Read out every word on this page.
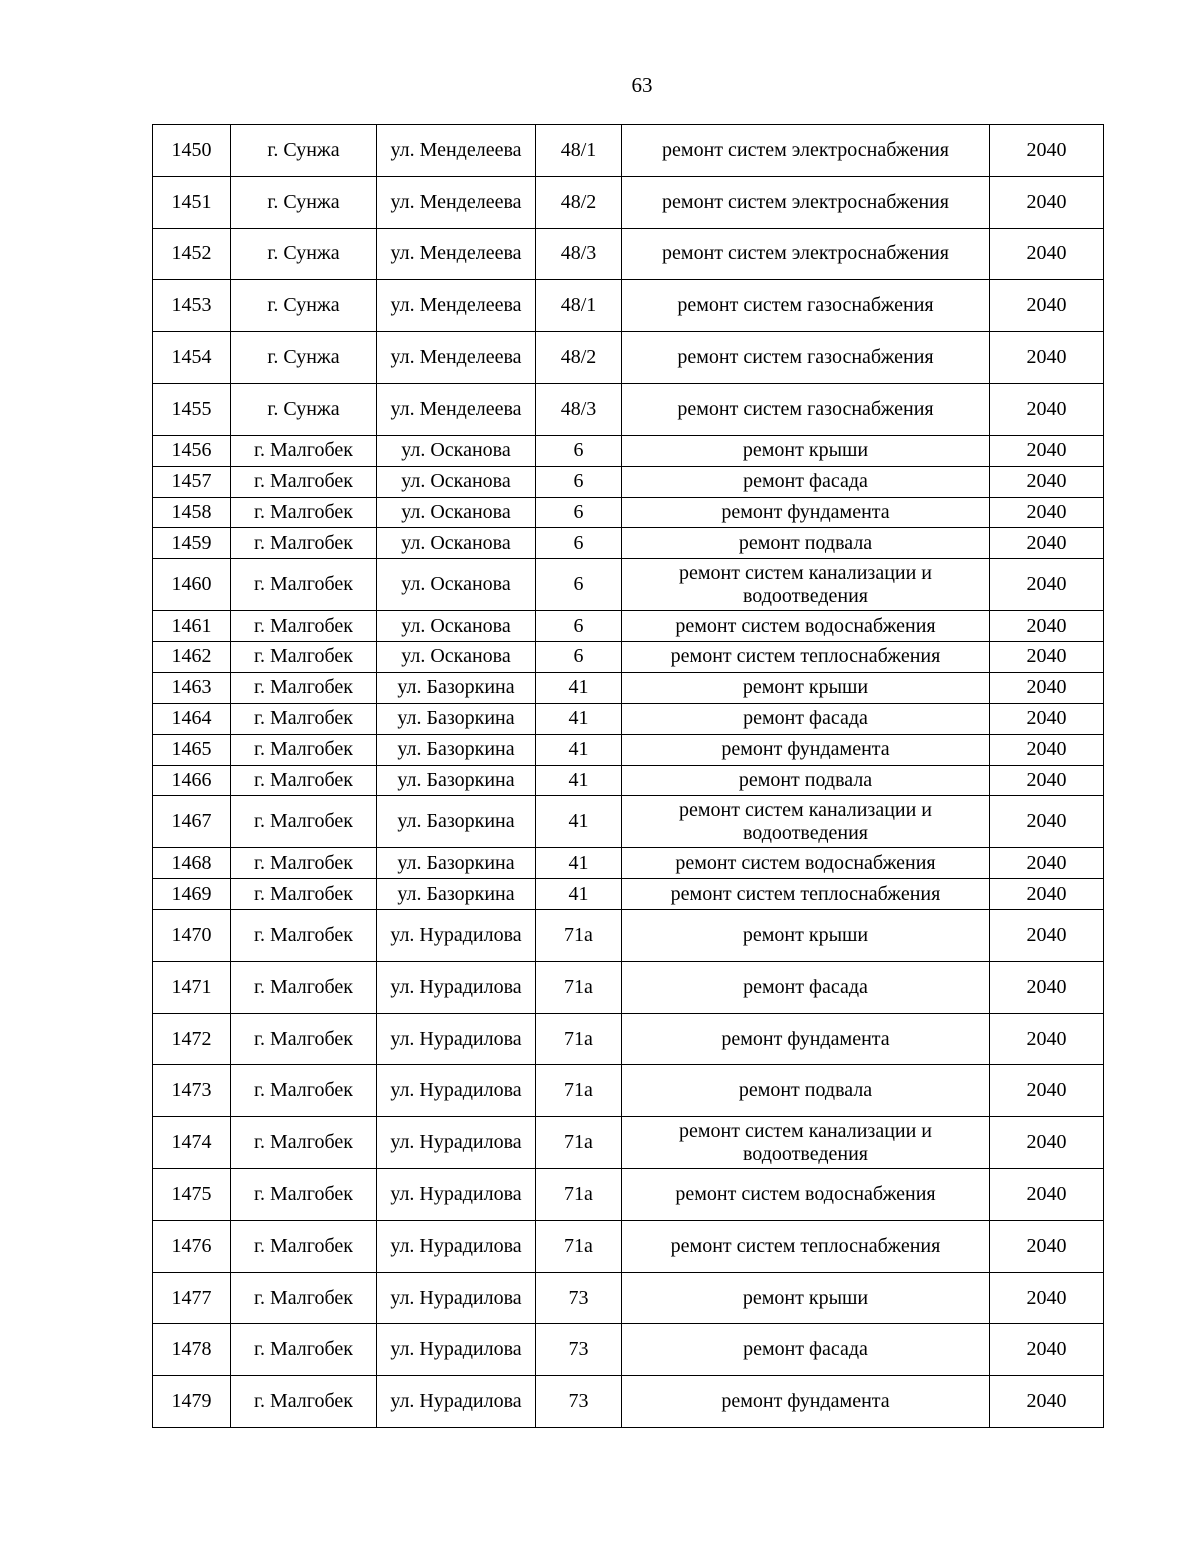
63
1450	г. Сунжа	ул. Менделеева	48/1	ремонт систем электроснабжения	2040
1451	г. Сунжа	ул. Менделеева	48/2	ремонт систем электроснабжения	2040
1452	г. Сунжа	ул. Менделеева	48/3	ремонт систем электроснабжения	2040
1453	г. Сунжа	ул. Менделеева	48/1	ремонт систем газоснабжения	2040
1454	г. Сунжа	ул. Менделеева	48/2	ремонт систем газоснабжения	2040
1455	г. Сунжа	ул. Менделеева	48/3	ремонт систем газоснабжения	2040
1456	г. Малгобек	ул. Осканова	6	ремонт крыши	2040
1457	г. Малгобек	ул. Осканова	6	ремонт фасада	2040
1458	г. Малгобек	ул. Осканова	6	ремонт фундамента	2040
1459	г. Малгобек	ул. Осканова	6	ремонт подвала	2040
1460	г. Малгобек	ул. Осканова	6	ремонт систем канализации и водоотведения	2040
1461	г. Малгобек	ул. Осканова	6	ремонт систем водоснабжения	2040
1462	г. Малгобек	ул. Осканова	6	ремонт систем теплоснабжения	2040
1463	г. Малгобек	ул. Базоркина	41	ремонт крыши	2040
1464	г. Малгобек	ул. Базоркина	41	ремонт фасада	2040
1465	г. Малгобек	ул. Базоркина	41	ремонт фундамента	2040
1466	г. Малгобек	ул. Базоркина	41	ремонт подвала	2040
1467	г. Малгобек	ул. Базоркина	41	ремонт систем канализации и водоотведения	2040
1468	г. Малгобек	ул. Базоркина	41	ремонт систем водоснабжения	2040
1469	г. Малгобек	ул. Базоркина	41	ремонт систем теплоснабжения	2040
1470	г. Малгобек	ул. Нурадилова	71а	ремонт крыши	2040
1471	г. Малгобек	ул. Нурадилова	71а	ремонт фасада	2040
1472	г. Малгобек	ул. Нурадилова	71а	ремонт фундамента	2040
1473	г. Малгобек	ул. Нурадилова	71а	ремонт подвала	2040
1474	г. Малгобек	ул. Нурадилова	71а	ремонт систем канализации и водоотведения	2040
1475	г. Малгобек	ул. Нурадилова	71а	ремонт систем водоснабжения	2040
1476	г. Малгобек	ул. Нурадилова	71а	ремонт систем теплоснабжения	2040
1477	г. Малгобек	ул. Нурадилова	73	ремонт крыши	2040
1478	г. Малгобек	ул. Нурадилова	73	ремонт фасада	2040
1479	г. Малгобек	ул. Нурадилова	73	ремонт фундамента	2040
